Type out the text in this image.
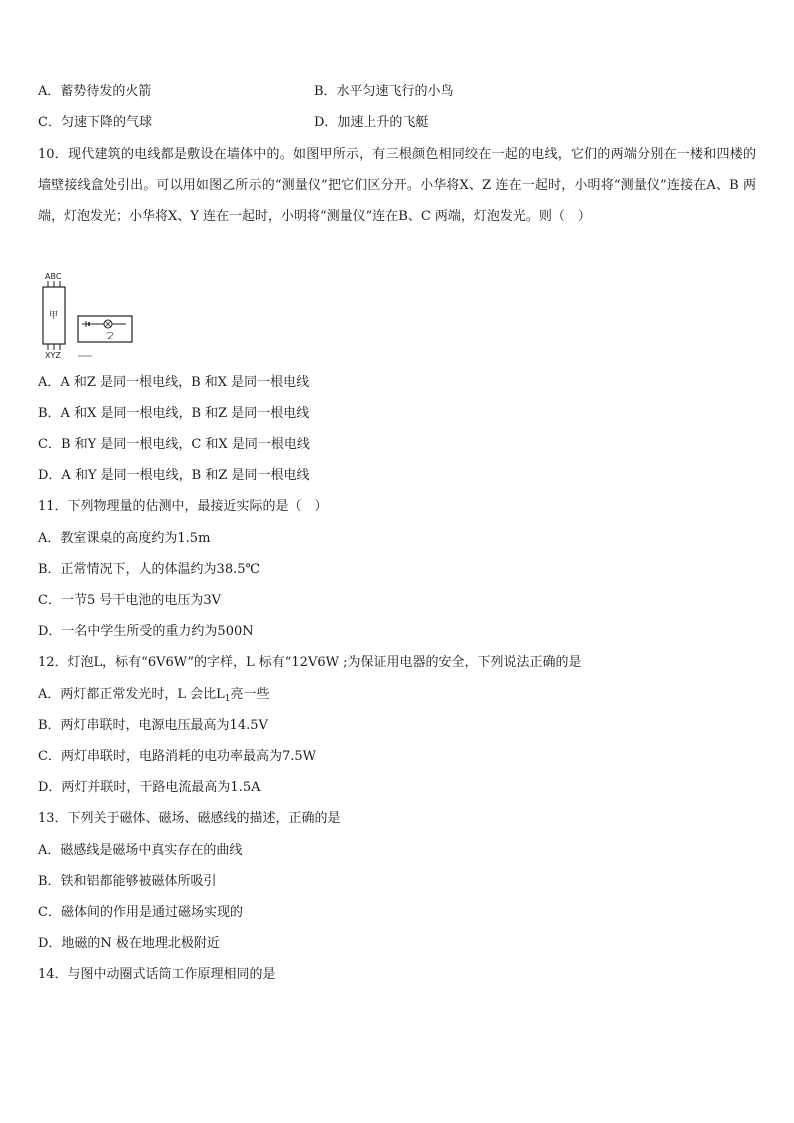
A．蓄势待发的火箭	B．水平匀速飞行的小鸟
C．匀速下降的气球	D．加速上升的飞艇
10．现代建筑的电线都是敷设在墙体中的。如图甲所示，有三根颜色相同绞在一起的电线，它们的两端分别在一楼和四楼的墙壁接线盒处引出。可以用如图乙所示的“测量仪”把它们区分开。小华将X、Z 连在一起时，小明将“测量仪”连接在A、B 两端，灯泡发光；小华将X、Y 连在一起时，小明将“测量仪”连在B、C 两端，灯泡发光。则（　）
ABC
甲
XYZ
乙
A．A 和Z 是同一根电线，B 和X 是同一根电线
B．A 和X 是同一根电线，B 和Z 是同一根电线
C．B 和Y 是同一根电线，C 和X 是同一根电线
D．A 和Y 是同一根电线，B 和Z 是同一根电线
11．下列物理量的估测中，最接近实际的是（　）
A．教室课桌的高度约为1.5m
B．正常情况下，人的体温约为38.5℃
C．一节5 号干电池的电压为3V
D．一名中学生所受的重力约为500N
12．灯泡L，标有“6V6W”的字样，L 标有“12V6W ;为保证用电器的安全，下列说法正确的是
A．两灯都正常发光时，L 会比$L_1$亮一些
B．两灯串联时，电源电压最高为14.5V
C．两灯串联时，电路消耗的电功率最高为7.5W
D．两灯并联时，干路电流最高为1.5A
13．下列关于磁体、磁场、磁感线的描述，正确的是
A．磁感线是磁场中真实存在的曲线
B．铁和铝都能够被磁体所吸引
C．磁体间的作用是通过磁场实现的
D．地磁的N 极在地理北极附近
14．与图中动圈式话筒工作原理相同的是
